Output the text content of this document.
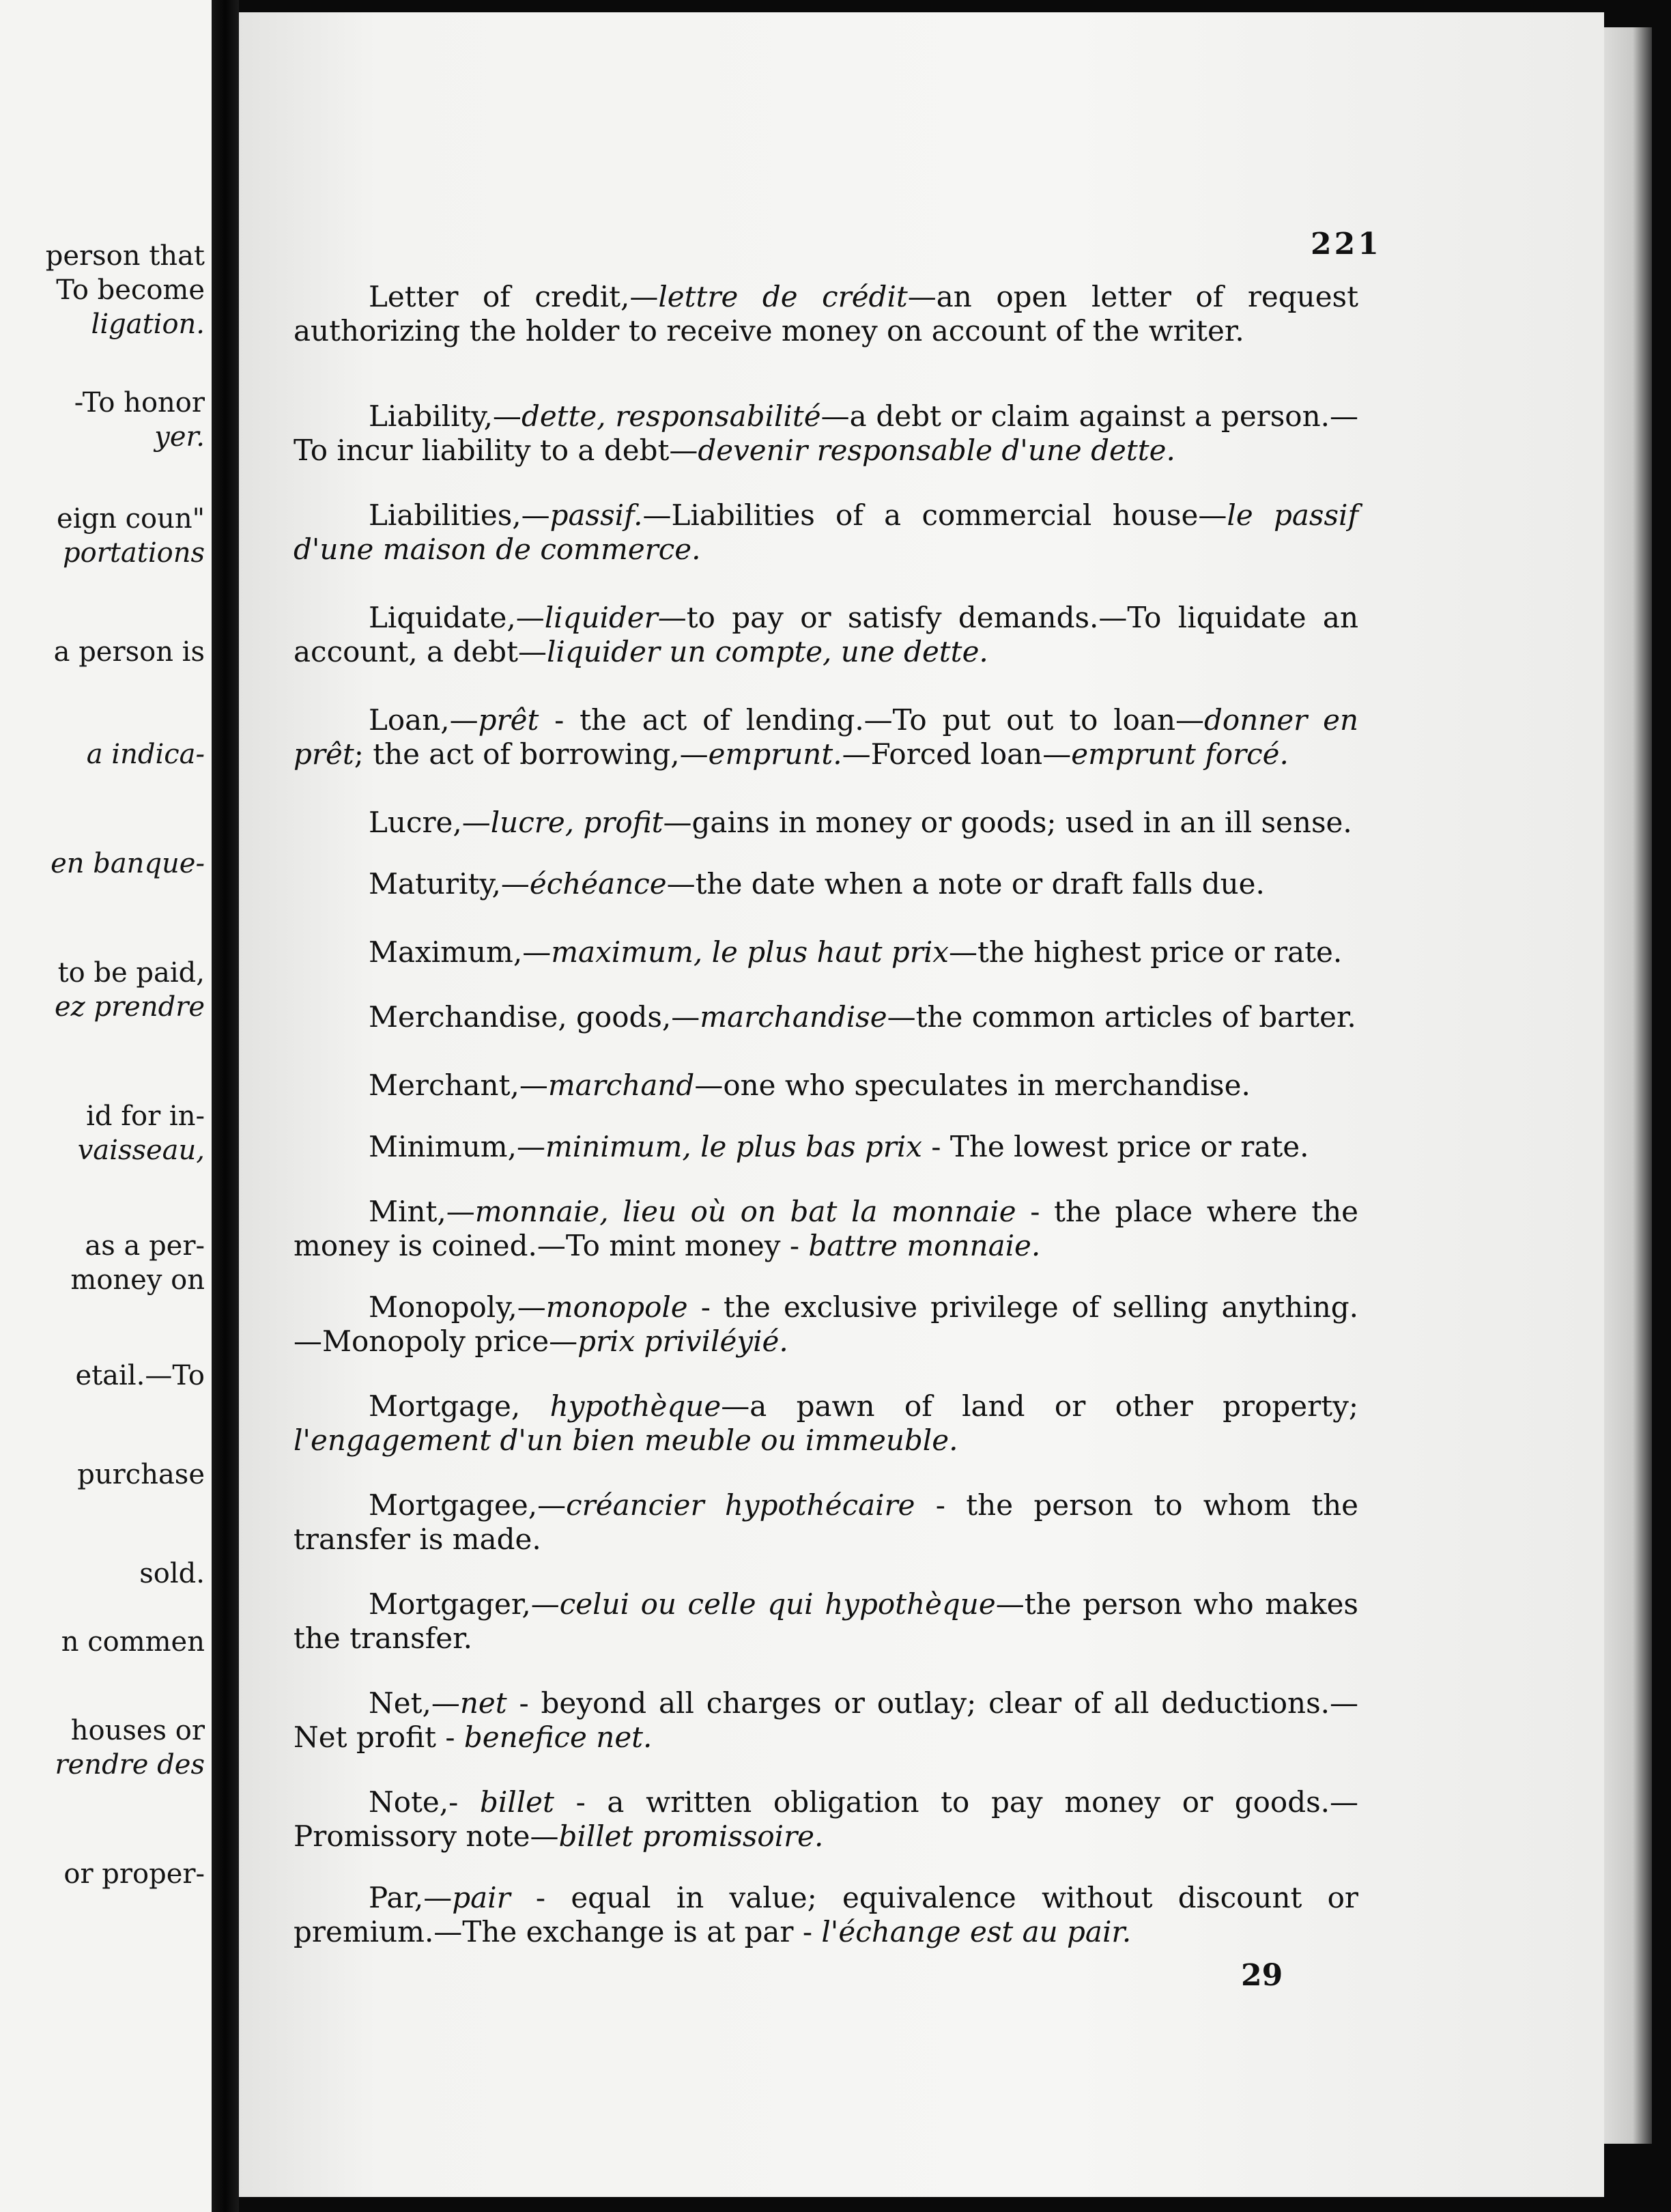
person that
To become
ligation.
-To honor
yer.
eign coun"
portations
a person is
a indica-
en banque-
to be paid,
ez prendre
id for in-
vaisseau,
as a per-
money on
etail.—To
purchase
sold.
n commen
houses or
rendre des
or proper-
221
Letter of credit,—lettre de crédit—an open letter of request authorizing the holder to receive money on account of the writer.
Liability,—dette, responsabilité—a debt or claim against a person.—To incur liability to a debt—devenir responsable d'une dette.
Liabilities,—passif.—Liabilities of a commercial house—le passif d'une maison de commerce.
Liquidate,—liquider—to pay or satisfy demands.—To liquidate an account, a debt—liquider un compte, une dette.
Loan,—prêt - the act of lending.—To put out to loan—donner en prêt; the act of borrowing,—emprunt.—Forced loan—emprunt forcé.
Lucre,—lucre, profit—gains in money or goods; used in an ill sense.
Maturity,—échéance—the date when a note or draft falls due.
Maximum,—maximum, le plus haut prix—the highest price or rate.
Merchandise, goods,—marchandise—the common articles of barter.
Merchant,—marchand—one who speculates in merchandise.
Minimum,—minimum, le plus bas prix - The lowest price or rate.
Mint,—monnaie, lieu où on bat la monnaie - the place where the money is coined.—To mint money - battre monnaie.
Monopoly,—monopole - the exclusive privilege of selling anything.—Monopoly price—prix priviléyié.
Mortgage, hypothèque—a pawn of land or other property; l'engagement d'un bien meuble ou immeuble.
Mortgagee,—créancier hypothécaire - the person to whom the transfer is made.
Mortgager,—celui ou celle qui hypothèque—the person who makes the transfer.
Net,—net - beyond all charges or outlay; clear of all deductions.—Net profit - benefice net.
Note,- billet - a written obligation to pay money or goods.—Promissory note—billet promissoire.
Par,—pair - equal in value; equivalence without discount or premium.—The exchange is at par - l'échange est au pair.
29
